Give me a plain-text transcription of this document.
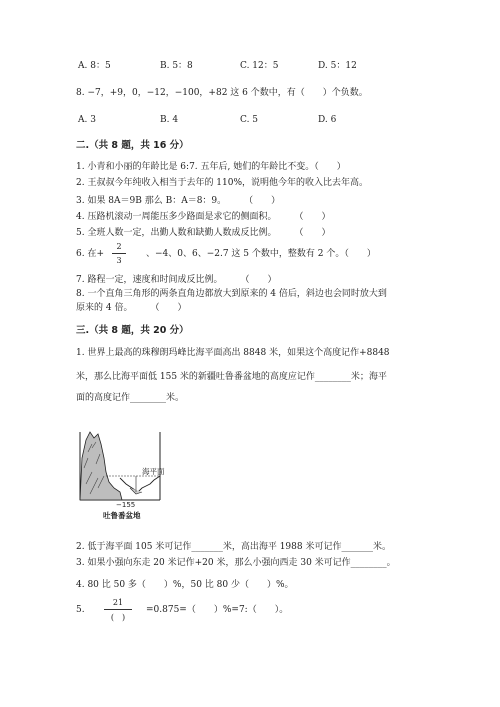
A. 8：5	B. 5：8	C. 12：5	D. 5：12
8. −7，+9，0，−12，−100，+82 这 6 个数中，有（　　）个负数。
A. 3	B. 4	C. 5	D. 6
二.（共 8 题，共 16 分）
1. 小青和小丽的年龄比是 6:7. 五年后, 她们的年龄比不变。（　　）
2. 王叔叔今年纯收入相当于去年的 110%，说明他今年的收入比去年高。
3. 如果 8A＝9B 那么 B：A＝8：9。　　　（　　）
4. 压路机滚动一周能压多少路面是求它的侧面积。　　　（　　）
5. 全班人数一定，出勤人数和缺勤人数成反比例。　　　（　　）
6. 在+
2
3
、−4、0、6、−2.7 这 5 个数中，整数有 2 个。（　　）
7. 路程一定，速度和时间成反比例。　　　（　　）
8. 一个直角三角形的两条直角边都放大到原来的 4 倍后，斜边也会同时放大到
原来的 4 倍。　　　（　　）
三.（共 8 题，共 20 分）
1. 世界上最高的珠穆朗玛峰比海平面高出 8848 米，如果这个高度记作+8848
米，那么比海平面低 155 米的新疆吐鲁番盆地的高度应记作________米；海平
面的高度记作________米。
海平面
−155
吐鲁番盆地
2. 低于海平面 105 米可记作_______米，高出海平 1988 米可记作_______米。
3. 如果小强向东走 20 米记作+20 米，那么小强向西走 30 米可记作________。
4. 80 比 50 多（　　）%，50 比 80 少（　　）%。
5.
21
(　)
=0.875=（　　）%=7:（　　）。
